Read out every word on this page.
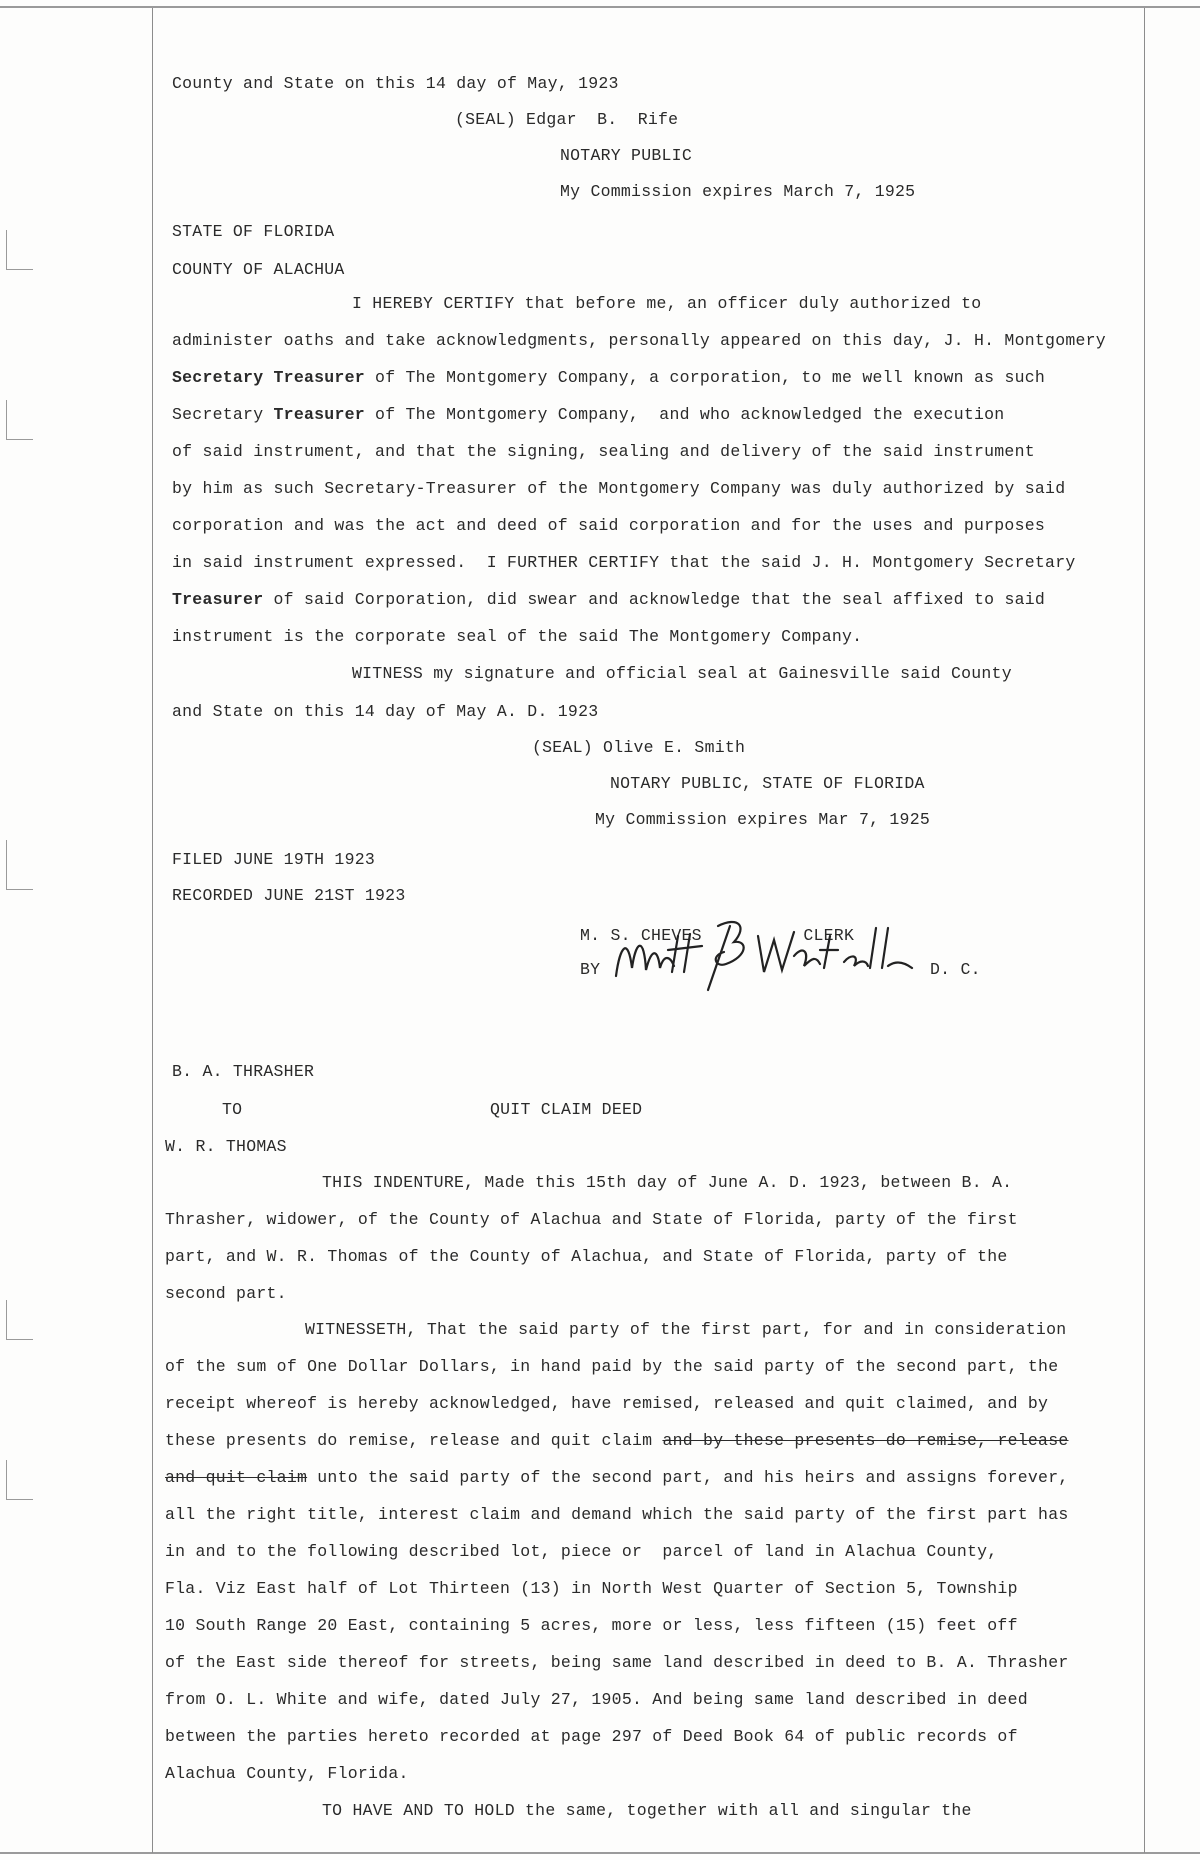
County and State on this 14 day of May, 1923
(SEAL) Edgar  B.  Rife
NOTARY PUBLIC
My Commission expires March 7, 1925
STATE OF FLORIDA
COUNTY OF ALACHUA
I HEREBY CERTIFY that before me, an officer duly authorized to
administer oaths and take acknowledgments, personally appeared on this day, J. H. Montgomery
Secretary Treasurer of The Montgomery Company, a corporation, to me well known as such
Secretary Treasurer of The Montgomery Company,  and who acknowledged the execution
of said instrument, and that the signing, sealing and delivery of the said instrument
by him as such Secretary-Treasurer of the Montgomery Company was duly authorized by said
corporation and was the act and deed of said corporation and for the uses and purposes
in said instrument expressed.  I FURTHER CERTIFY that the said J. H. Montgomery Secretary
Treasurer of said Corporation, did swear and acknowledge that the seal affixed to said
instrument is the corporate seal of the said The Montgomery Company.
WITNESS my signature and official seal at Gainesville said County
and State on this 14 day of May A. D. 1923
(SEAL) Olive E. Smith
NOTARY PUBLIC, STATE OF FLORIDA
My Commission expires Mar 7, 1925
FILED JUNE 19TH 1923
RECORDED JUNE 21ST 1923
M. S. CHEVES          CLERK
BY	D. C.
B. A. THRASHER
TO	QUIT CLAIM DEED
W. R. THOMAS
THIS INDENTURE, Made this 15th day of June A. D. 1923, between B. A.
Thrasher, widower, of the County of Alachua and State of Florida, party of the first
part, and W. R. Thomas of the County of Alachua, and State of Florida, party of the
second part.
WITNESSETH, That the said party of the first part, for and in consideration
of the sum of One Dollar Dollars, in hand paid by the said party of the second part, the
receipt whereof is hereby acknowledged, have remised, released and quit claimed, and by
these presents do remise, release and quit claim and by these presents do remise, release
and quit claim unto the said party of the second part, and his heirs and assigns forever,
all the right title, interest claim and demand which the said party of the first part has
in and to the following described lot, piece or  parcel of land in Alachua County,
Fla. Viz East half of Lot Thirteen (13) in North West Quarter of Section 5, Township
10 South Range 20 East, containing 5 acres, more or less, less fifteen (15) feet off
of the East side thereof for streets, being same land described in deed to B. A. Thrasher
from O. L. White and wife, dated July 27, 1905. And being same land described in deed
between the parties hereto recorded at page 297 of Deed Book 64 of public records of
Alachua County, Florida.
TO HAVE AND TO HOLD the same, together with all and singular the
